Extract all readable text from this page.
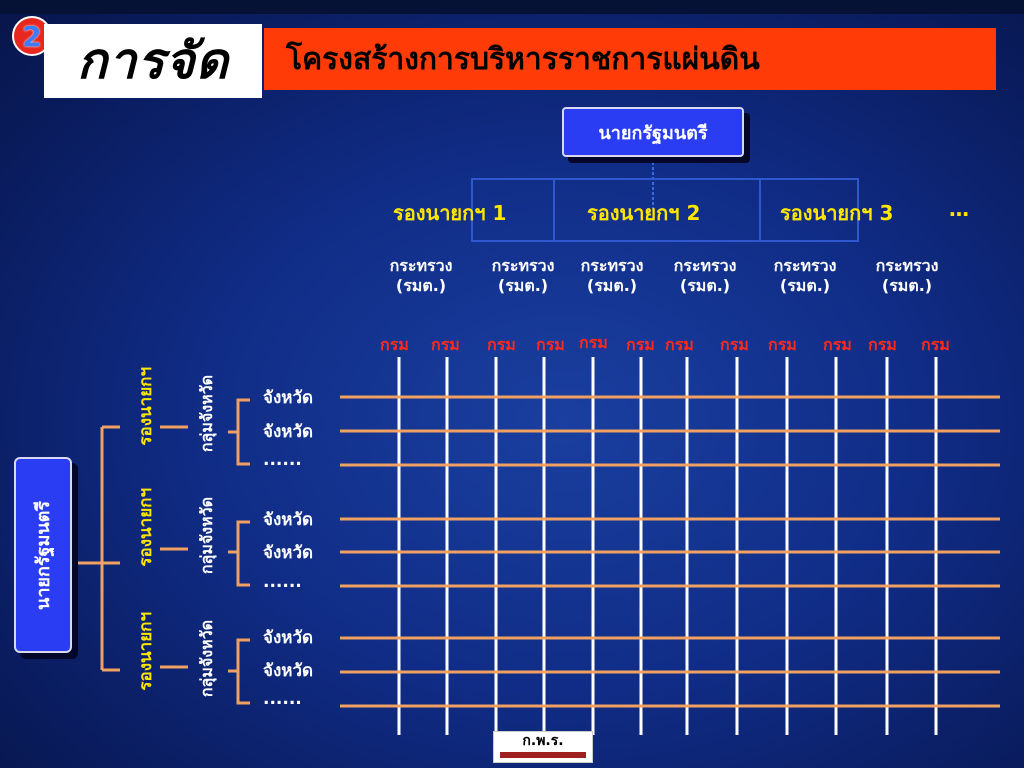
2 การจัด โครงสร้างการบริหารราชการแผ่นดิน
นายกรัฐมนตรี
รองนายกฯ 1	รองนายกฯ 2	รองนายกฯ 3	…
กระทรวง
(รมต.)
กระทรวง
(รมต.)
กระทรวง
(รมต.)
กระทรวง
(รมต.)
กระทรวง
(รมต.)
กระทรวง
(รมต.)
กรม กรม กรม กรม กรม กรม กรม กรม กรม กรม กรม กรม
นายกรัฐมนตรี
รองนายกฯ
รองนายกฯ
รองนายกฯ
กลุ่มจังหวัด
กลุ่มจังหวัด
กลุ่มจังหวัด
จังหวัด
จังหวัด
......
จังหวัด
จังหวัด
......
จังหวัด
จังหวัด
......
ก.พ.ร.
